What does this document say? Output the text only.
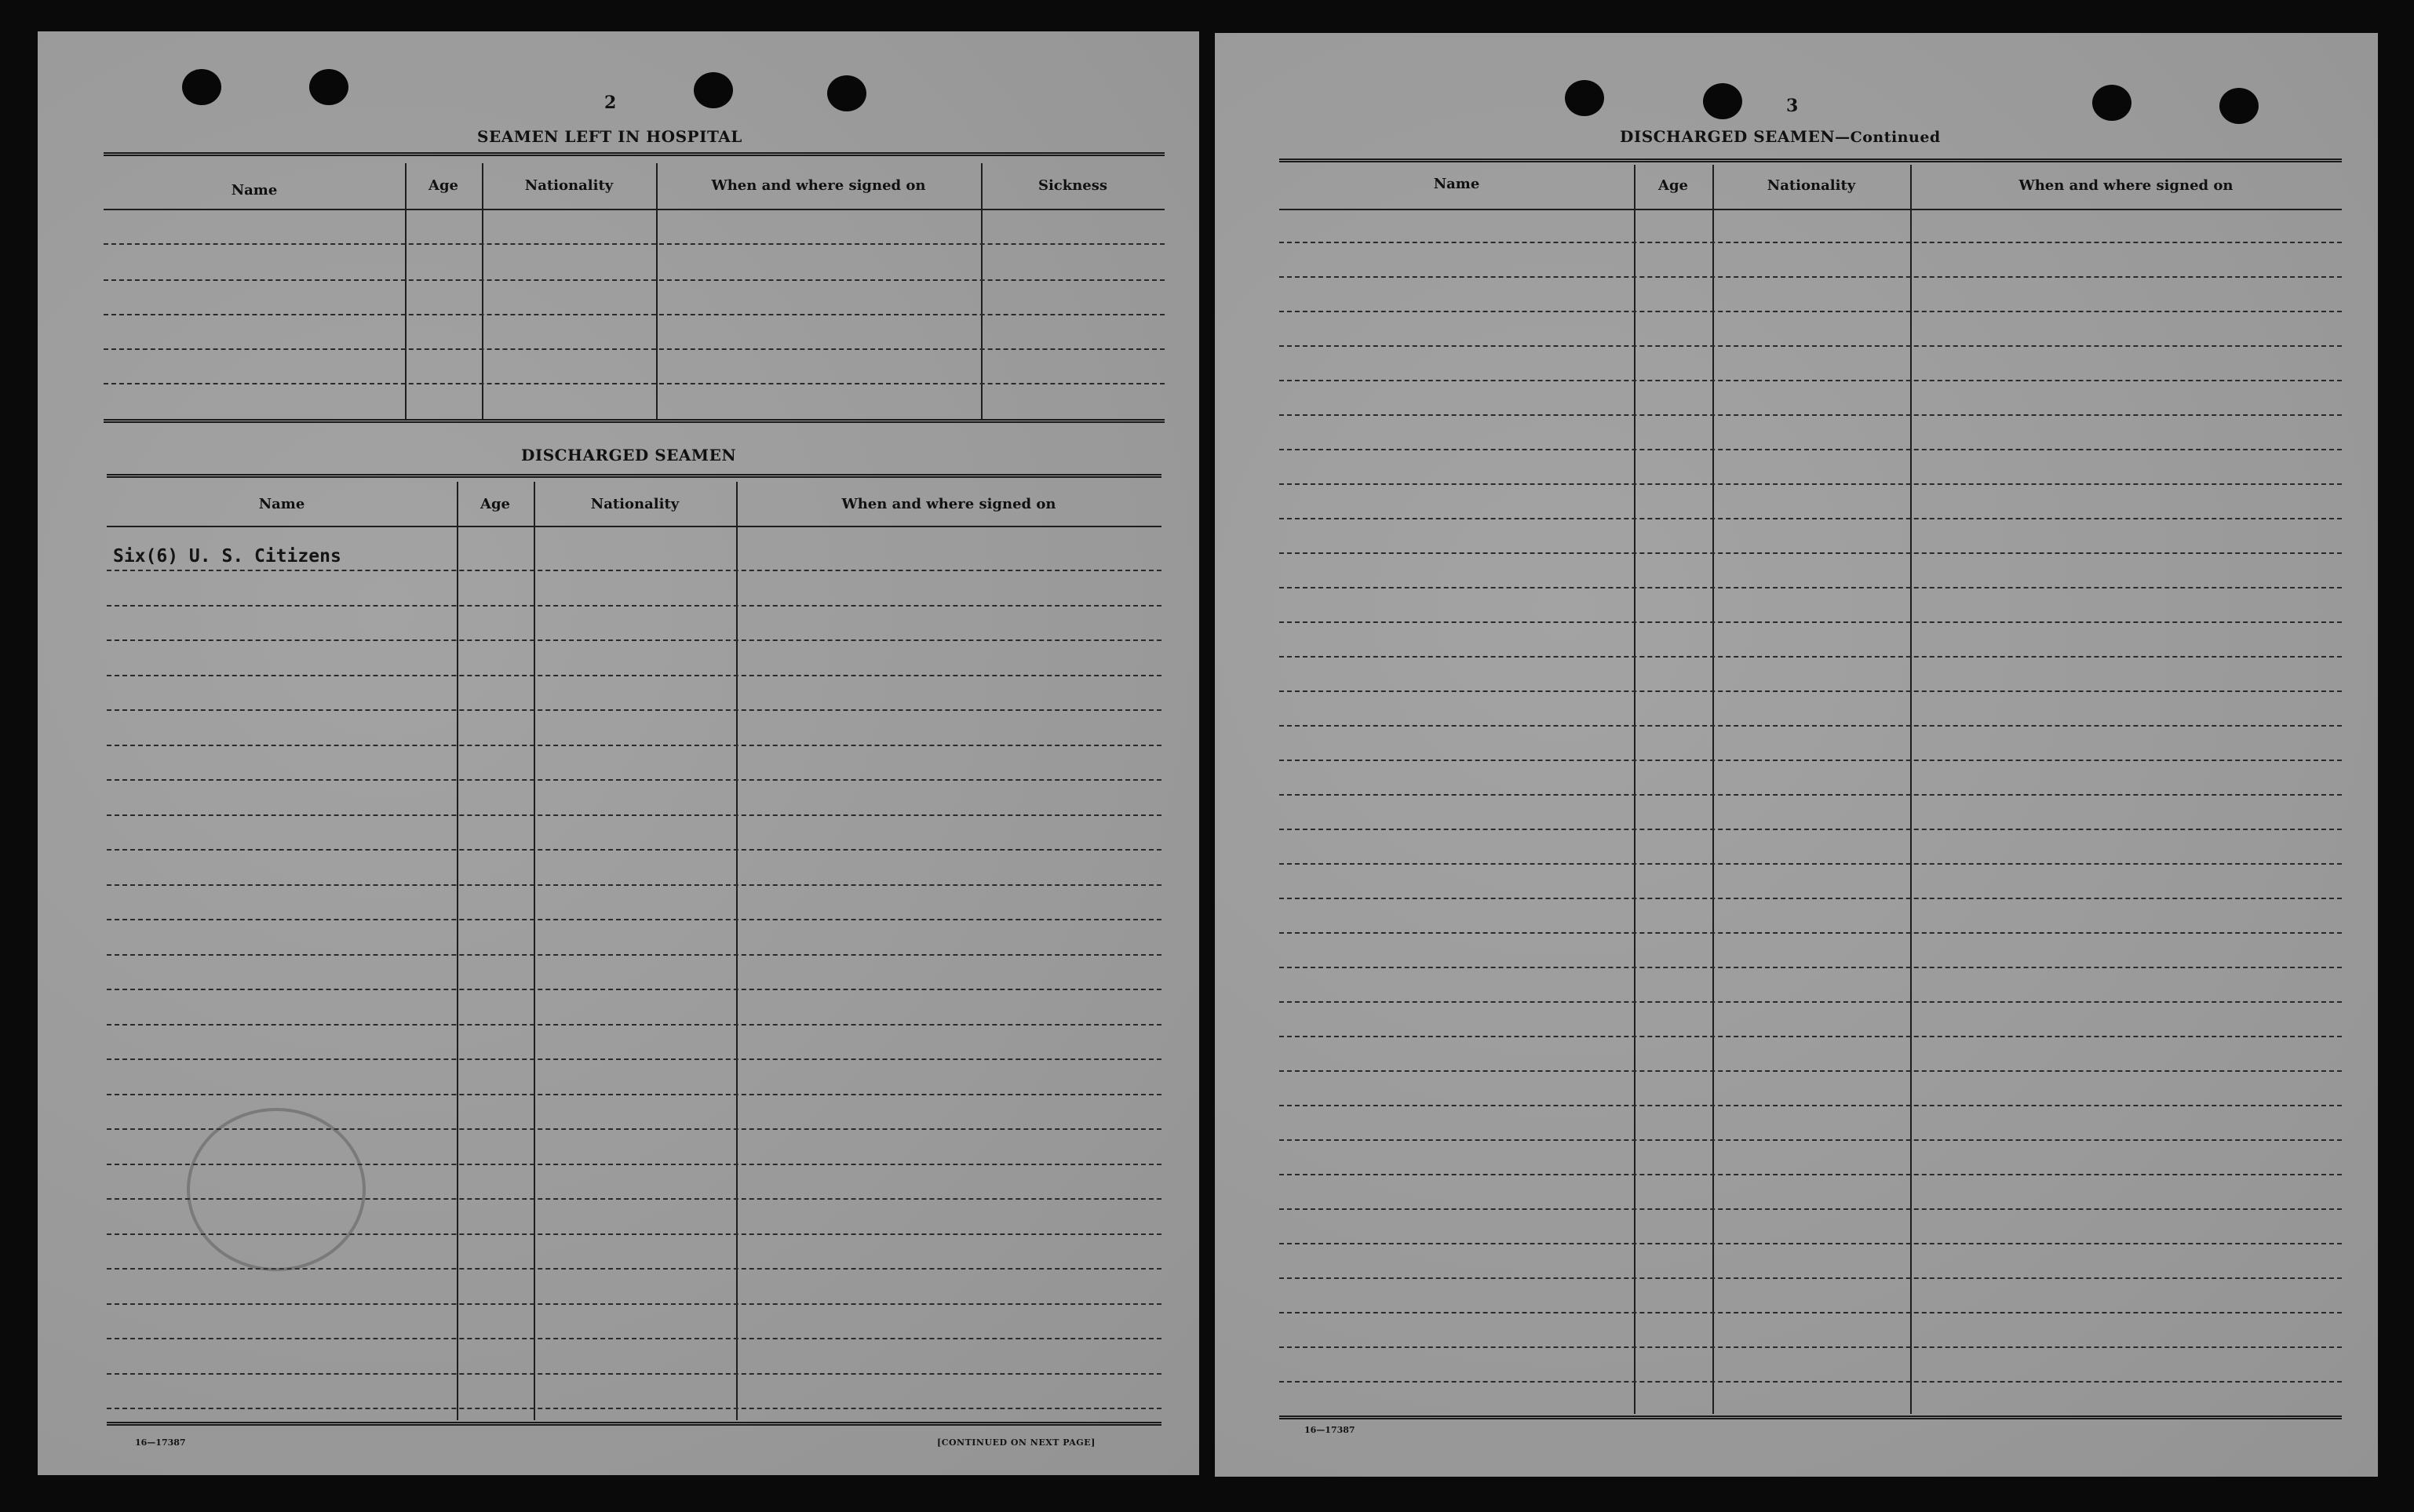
2
SEAMEN LEFT IN HOSPITAL
Name	Age	Nationality	When and where signed on	Sickness
DISCHARGED SEAMEN
Name	Age	Nationality	When and where signed on
Six(6) U. S. Citizens
16—17387	[CONTINUED ON NEXT PAGE]
3
DISCHARGED SEAMEN—Continued
Name	Age	Nationality	When and where signed on
16—17387
